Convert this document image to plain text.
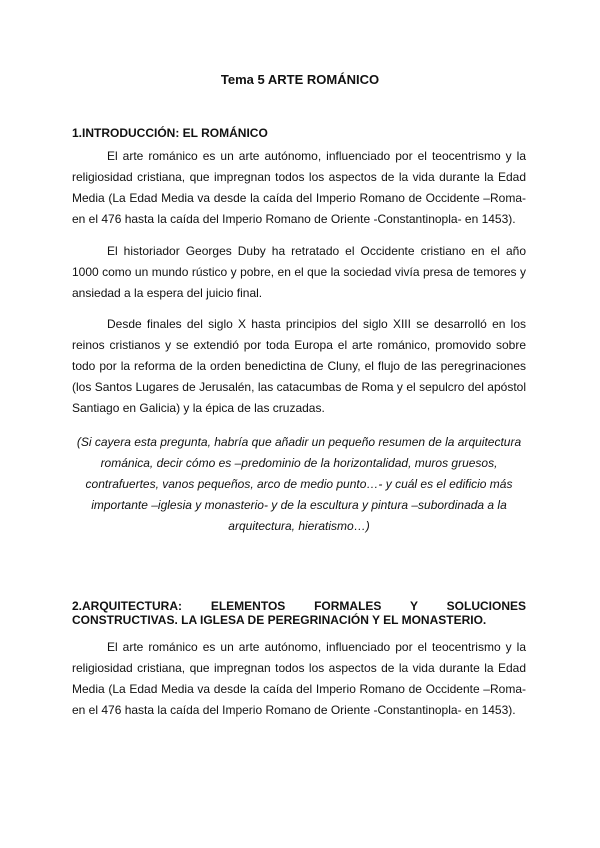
Tema 5 ARTE ROMÁNICO
1.INTRODUCCIÓN: EL ROMÁNICO

El arte románico es un arte autónomo, influenciado por el teocentrismo y la religiosidad cristiana, que impregnan todos los aspectos de la vida durante la Edad Media (La Edad Media va desde la caída del Imperio Romano de Occidente –Roma- en el 476 hasta la caída del Imperio Romano de Oriente -Constantinopla- en 1453).

El historiador Georges Duby ha retratado el Occidente cristiano en el año 1000 como un mundo rústico y pobre, en el que la sociedad vivía presa de temores y ansiedad a la espera del juicio final.

Desde finales del siglo X hasta principios del siglo XIII se desarrolló en los reinos cristianos y se extendió por toda Europa el arte románico, promovido sobre todo por la reforma de la orden benedictina de Cluny, el flujo de las peregrinaciones (los Santos Lugares de Jerusalén, las catacumbas de Roma y el sepulcro del apóstol Santiago en Galicia) y la épica de las cruzadas.

(Si cayera esta pregunta, habría que añadir un pequeño resumen de la arquitectura románica, decir cómo es –predominio de la horizontalidad, muros gruesos, contrafuertes, vanos pequeños, arco de medio punto…- y cuál es el edificio más importante –iglesia y monasterio- y de la escultura y pintura –subordinada a la arquitectura, hieratismo…)

2.ARQUITECTURA: ELEMENTOS FORMALES Y SOLUCIONES CONSTRUCTIVAS. LA IGLESA DE PEREGRINACIÓN Y EL MONASTERIO.

El arte románico es un arte autónomo, influenciado por el teocentrismo y la religiosidad cristiana, que impregnan todos los aspectos de la vida durante la Edad Media (La Edad Media va desde la caída del Imperio Romano de Occidente –Roma- en el 476 hasta la caída del Imperio Romano de Oriente -Constantinopla- en 1453).
